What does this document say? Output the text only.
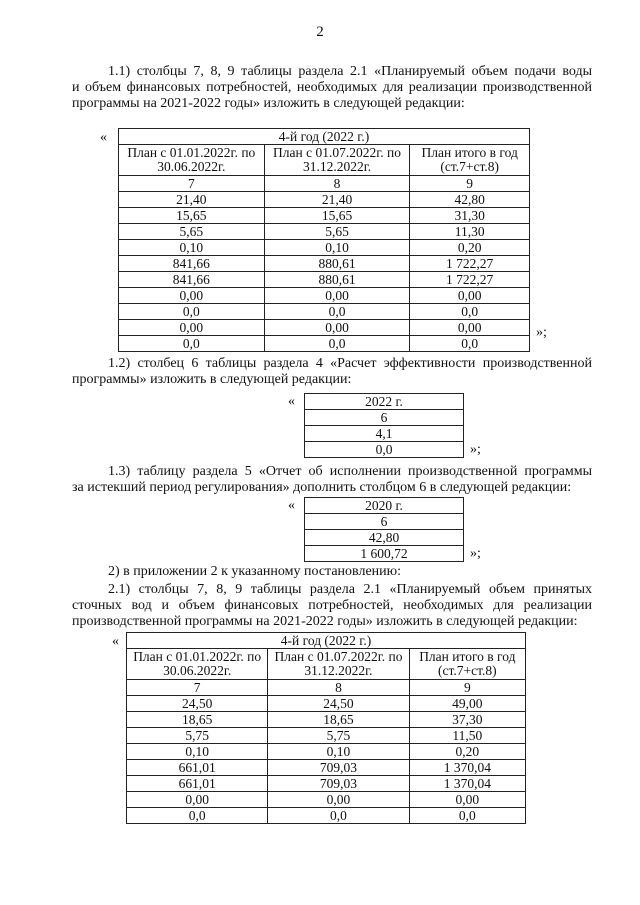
2
1.1) столбцы 7, 8, 9 таблицы раздела 2.1 «Планируемый объем подачи воды
и объем финансовых потребностей, необходимых для реализации производственной
программы на 2021-2022 годы» изложить в следующей редакции:
«	4-й год (2022 г.)		
План с 01.01.2022г. по 30.06.2022г.	План с 01.07.2022г. по 31.12.2022г.	План итого в год (ст.7+ст.8)
7	8	9
21,40	21,40	42,80
15,65	15,65	31,30
5,65	5,65	11,30
0,10	0,10	0,20
841,66	880,61	1 722,27
841,66	880,61	1 722,27
0,00	0,00	0,00
0,0	0,0	0,0
0,00	0,00	0,00
0,0	0,0	0,0
»;
1.2) столбец 6 таблицы раздела 4 «Расчет эффективности производственной
программы» изложить в следующей редакции:
«	2022 г.
6
4,1
0,0	»;
1.3) таблицу раздела 5 «Отчет об исполнении производственной программы
за истекший период регулирования» дополнить столбцом 6 в следующей редакции:
«	2020 г.
6
42,80
1 600,72	»;
2) в приложении 2 к указанному постановлению:
2.1) столбцы 7, 8, 9 таблицы раздела 2.1 «Планируемый объем принятых
сточных вод и объем финансовых потребностей, необходимых для реализации
производственной программы на 2021-2022 годы» изложить в следующей редакции:
«	4-й год (2022 г.)		
План с 01.01.2022г. по 30.06.2022г.	План с 01.07.2022г. по 31.12.2022г.	План итого в год (ст.7+ст.8)
7	8	9
24,50	24,50	49,00
18,65	18,65	37,30
5,75	5,75	11,50
0,10	0,10	0,20
661,01	709,03	1 370,04
661,01	709,03	1 370,04
0,00	0,00	0,00
0,0	0,0	0,0
